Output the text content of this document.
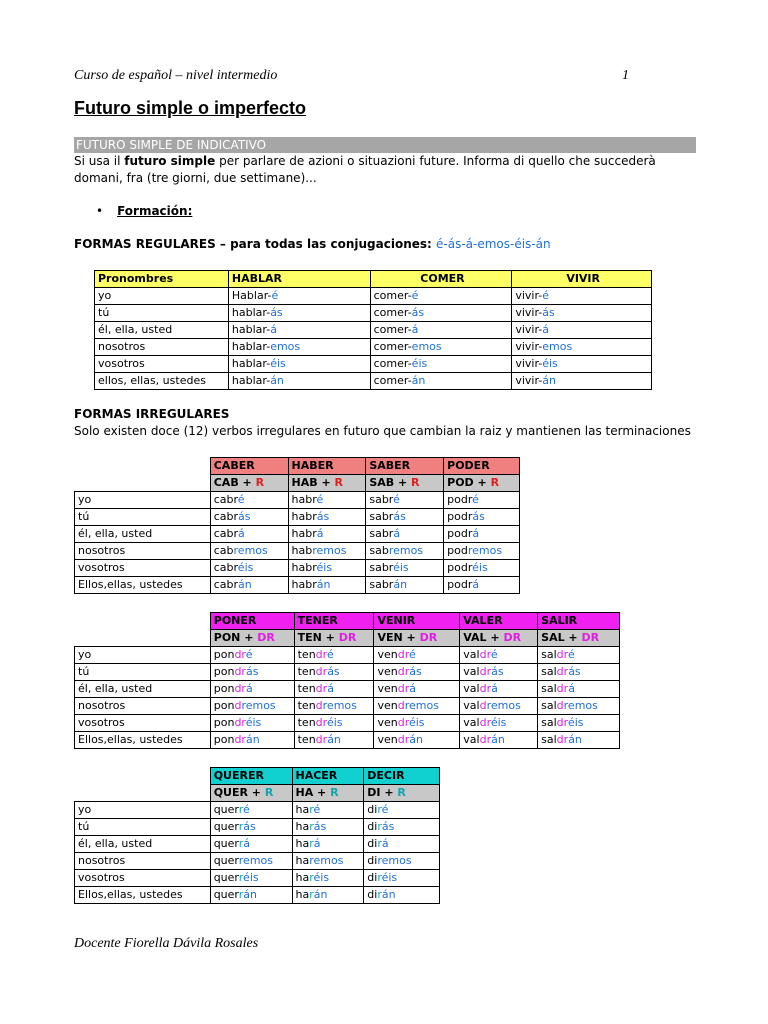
Curso de español – nivel intermedio	1
Futuro simple o imperfecto
FUTURO SIMPLE DE INDICATIVO
Si usa il futuro simple per parlare de azioni o situazioni future. Informa di quello che succederà domani, fra (tre giorni, due settimane)...
• Formación:
FORMAS REGULARES – para todas las conjugaciones: é-ás-á-emos-éis-án
Pronombres	HABLAR	COMER	VIVIR
yo	Hablar-é	comer-é	vivir-é
tú	hablar-ás	comer-ás	vivir-ás
él, ella, usted	hablar-á	comer-á	vivir-á
nosotros	hablar-emos	comer-emos	vivir-emos
vosotros	hablar-éis	comer-éis	vivir-éis
ellos, ellas, ustedes	hablar-án	comer-án	vivir-án
FORMAS IRREGULARES
Solo existen doce (12) verbos irregulares en futuro que cambian la raiz y mantienen las terminaciones
	CABER	HABER	SABER	PODER
	CAB + R	HAB + R	SAB + R	POD + R
yo	cabré	habré	sabré	podré
tú	cabrás	habrás	sabrás	podrás
él, ella, usted	cabrá	habrá	sabrá	podrá
nosotros	cabremos	habremos	sabremos	podremos
vosotros	cabréis	habréis	sabréis	podréis
Ellos,ellas, ustedes	cabrán	habrán	sabrán	podrá
	PONER	TENER	VENIR	VALER	SALIR
	PON + DR	TEN + DR	VEN + DR	VAL + DR	SAL + DR
yo	pondré	tendré	vendré	valdré	saldré
tú	pondrás	tendrás	vendrás	valdrás	saldrás
él, ella, usted	pondrá	tendrá	vendrá	valdrá	saldrá
nosotros	pondremos	tendremos	vendremos	valdremos	saldremos
vosotros	pondréis	tendréis	vendréis	valdréis	saldréis
Ellos,ellas, ustedes	pondrán	tendrán	vendrán	valdrán	saldrán
	QUERER	HACER	DECIR
	QUER + R	HA + R	DI + R
yo	querré	haré	diré
tú	querrás	harás	dirás
él, ella, usted	querrá	hará	dirá
nosotros	querremos	haremos	diremos
vosotros	querréis	haréis	diréis
Ellos,ellas, ustedes	querrán	harán	dirán
Docente Fiorella Dávila Rosales
